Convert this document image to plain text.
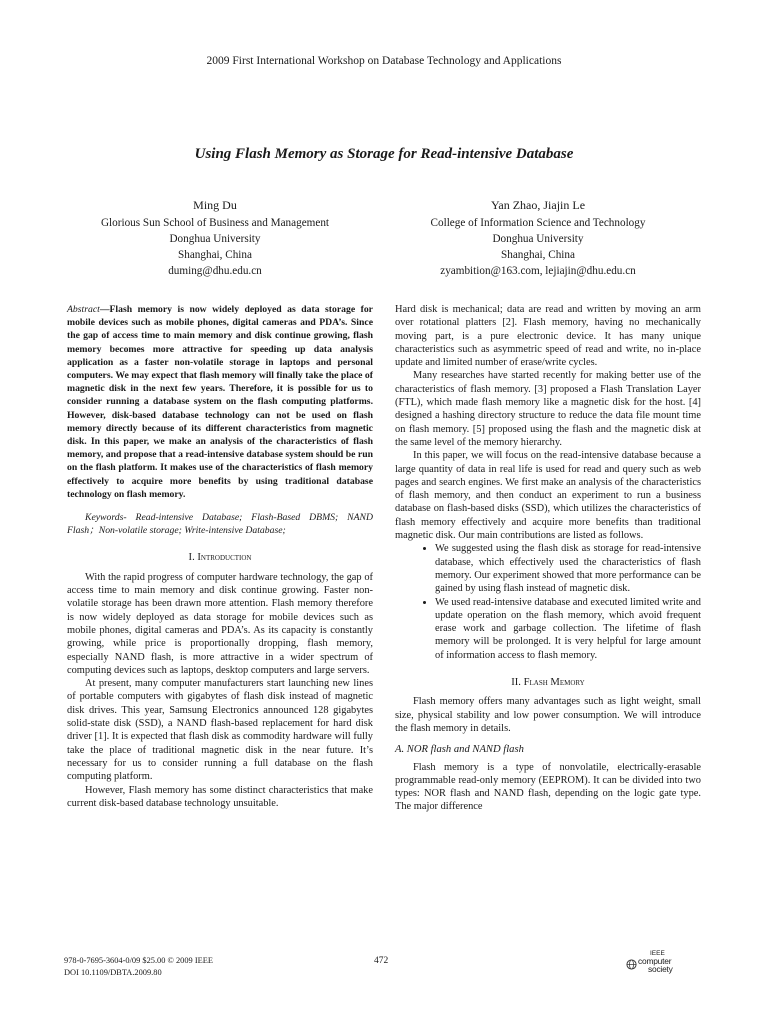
2009 First International Workshop on Database Technology and Applications
Using Flash Memory as Storage for Read-intensive Database
Ming Du
Glorious Sun School of Business and Management
Donghua University
Shanghai, China
duming@dhu.edu.cn
Yan Zhao, Jiajin Le
College of Information Science and Technology
Donghua University
Shanghai, China
zyambition@163.com, lejiajin@dhu.edu.cn

Abstract—Flash memory is now widely deployed as data storage for mobile devices such as mobile phones, digital cameras and PDA’s. Since the gap of access time to main memory and disk continue growing, flash memory becomes more attractive for speeding up data analysis application as a faster non-volatile storage in laptops and personal computers. We may expect that flash memory will finally take the place of magnetic disk in the next few years. Therefore, it is possible for us to consider running a database system on the flash computing platforms. However, disk-based database technology can not be used on flash memory directly because of its different characteristics from magnetic disk. In this paper, we make an analysis of the characteristics of flash memory, and propose that a read-intensive database system should be run on the flash platform. It makes use of the characteristics of flash memory effectively to acquire more benefits by using traditional database technology on flash memory.

Keywords- Read-intensive Database; Flash-Based DBMS; NAND Flash；Non-volatile storage; Write-intensive Database;

I. Introduction

With the rapid progress of computer hardware technology, the gap of access time to main memory and disk continue growing. Faster non-volatile storage has been drawn more attention. Flash memory therefore is now widely deployed as data storage for mobile devices such as mobile phones, digital cameras and PDA’s. As its capacity is constantly growing, while price is proportionally dropping, flash memory, especially NAND flash, is more attractive in a wider spectrum of computing devices such as laptops, desktop computers and large servers.

At present, many computer manufacturers start launching new lines of portable computers with gigabytes of flash disk instead of magnetic disk drives. This year, Samsung Electronics announced 128 gigabytes solid-state disk (SSD), a NAND flash-based replacement for hard disk driver [1]. It is expected that flash disk as commodity hardware will fully take the place of traditional magnetic disk in the near future. It’s necessary for us to consider running a full database on the flash computing platform.

However, Flash memory has some distinct characteristics that make current disk-based database technology unsuitable.

Hard disk is mechanical; data are read and written by moving an arm over rotational platters [2]. Flash memory, having no mechanically moving part, is a pure electronic device. It has many unique characteristics such as asymmetric speed of read and write, no in-place update and limited number of erase/write cycles.

Many researches have started recently for making better use of the characteristics of flash memory. [3] proposed a Flash Translation Layer (FTL), which made flash memory like a magnetic disk for the host. [4] designed a hashing directory structure to reduce the data file mount time on flash memory. [5] proposed using the flash and the magnetic disk at the same level of the memory hierarchy.

In this paper, we will focus on the read-intensive database because a large quantity of data in real life is used for read and query such as web pages and search engines. We first make an analysis of the characteristics of flash memory, and then conduct an experiment to run a business database on flash-based disks (SSD), which utilizes the characteristics of flash memory effectively and acquire more benefits than traditional magnetic disk. Our main contributions are listed as follows.

• We suggested using the flash disk as storage for read-intensive database, which effectively used the characteristics of flash memory. Our experiment showed that more performance can be gained by using flash instead of magnetic disk.
• We used read-intensive database and executed limited write and update operation on the flash memory, which avoid frequent erase work and garbage collection. The lifetime of flash memory will be prolonged. It is very helpful for large amount of information access to flash memory.
II. Flash Memory

Flash memory offers many advantages such as light weight, small size, physical stability and low power consumption. We will introduce the flash memory in details.

A. NOR flash and NAND flash

Flash memory is a type of nonvolatile, electrically-erasable programmable read-only memory (EEPROM). It can be divided into two types: NOR flash and NAND flash, depending on the logic gate type. The major difference

978-0-7695-3604-0/09 $25.00 © 2009 IEEE
DOI 10.1109/DBTA.2009.80
472
IEEE
computer
society
